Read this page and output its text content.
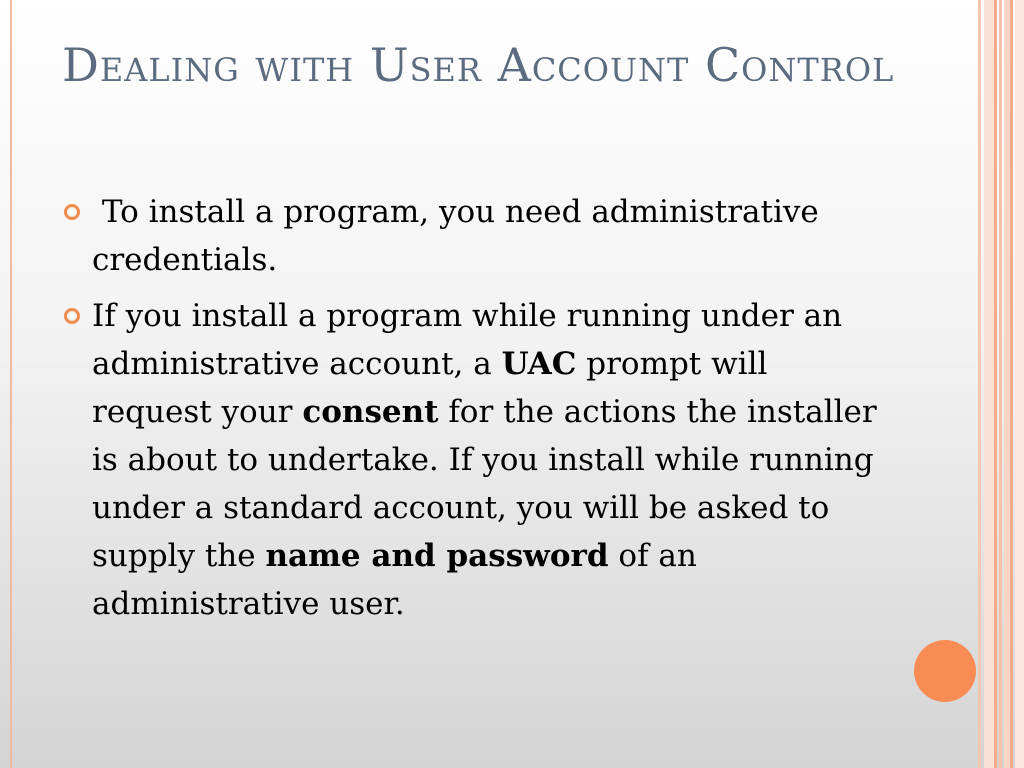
Dealing with User Account Control
To install a program, you need administrative credentials.
If you install a program while running under an administrative account, a UAC prompt will request your consent for the actions the installer is about to undertake. If you install while running under a standard account, you will be asked to supply the name and password of an administrative user.
